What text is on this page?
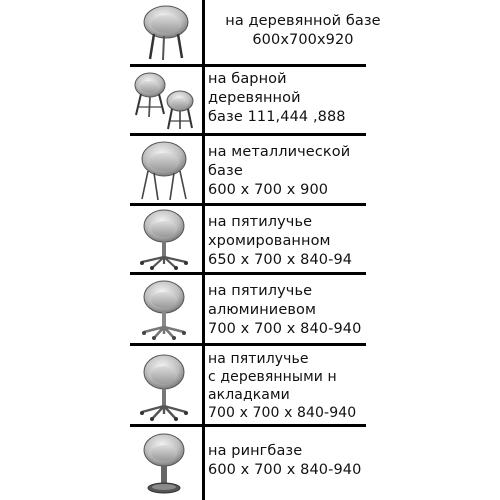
на деревянной базе
600x700x920
на барной
деревянной
базе 111,444 ,888
на металлической
базе
600 x 700 x 900
на пятилучье
хромированном
650 x 700 x 840-94
на пятилучье
алюминиевом
700 x 700 x 840-940
на пятилучье
с деревянными н
акладками
700 x 700 x 840-940
на рингбазе
600 x 700 x 840-940
